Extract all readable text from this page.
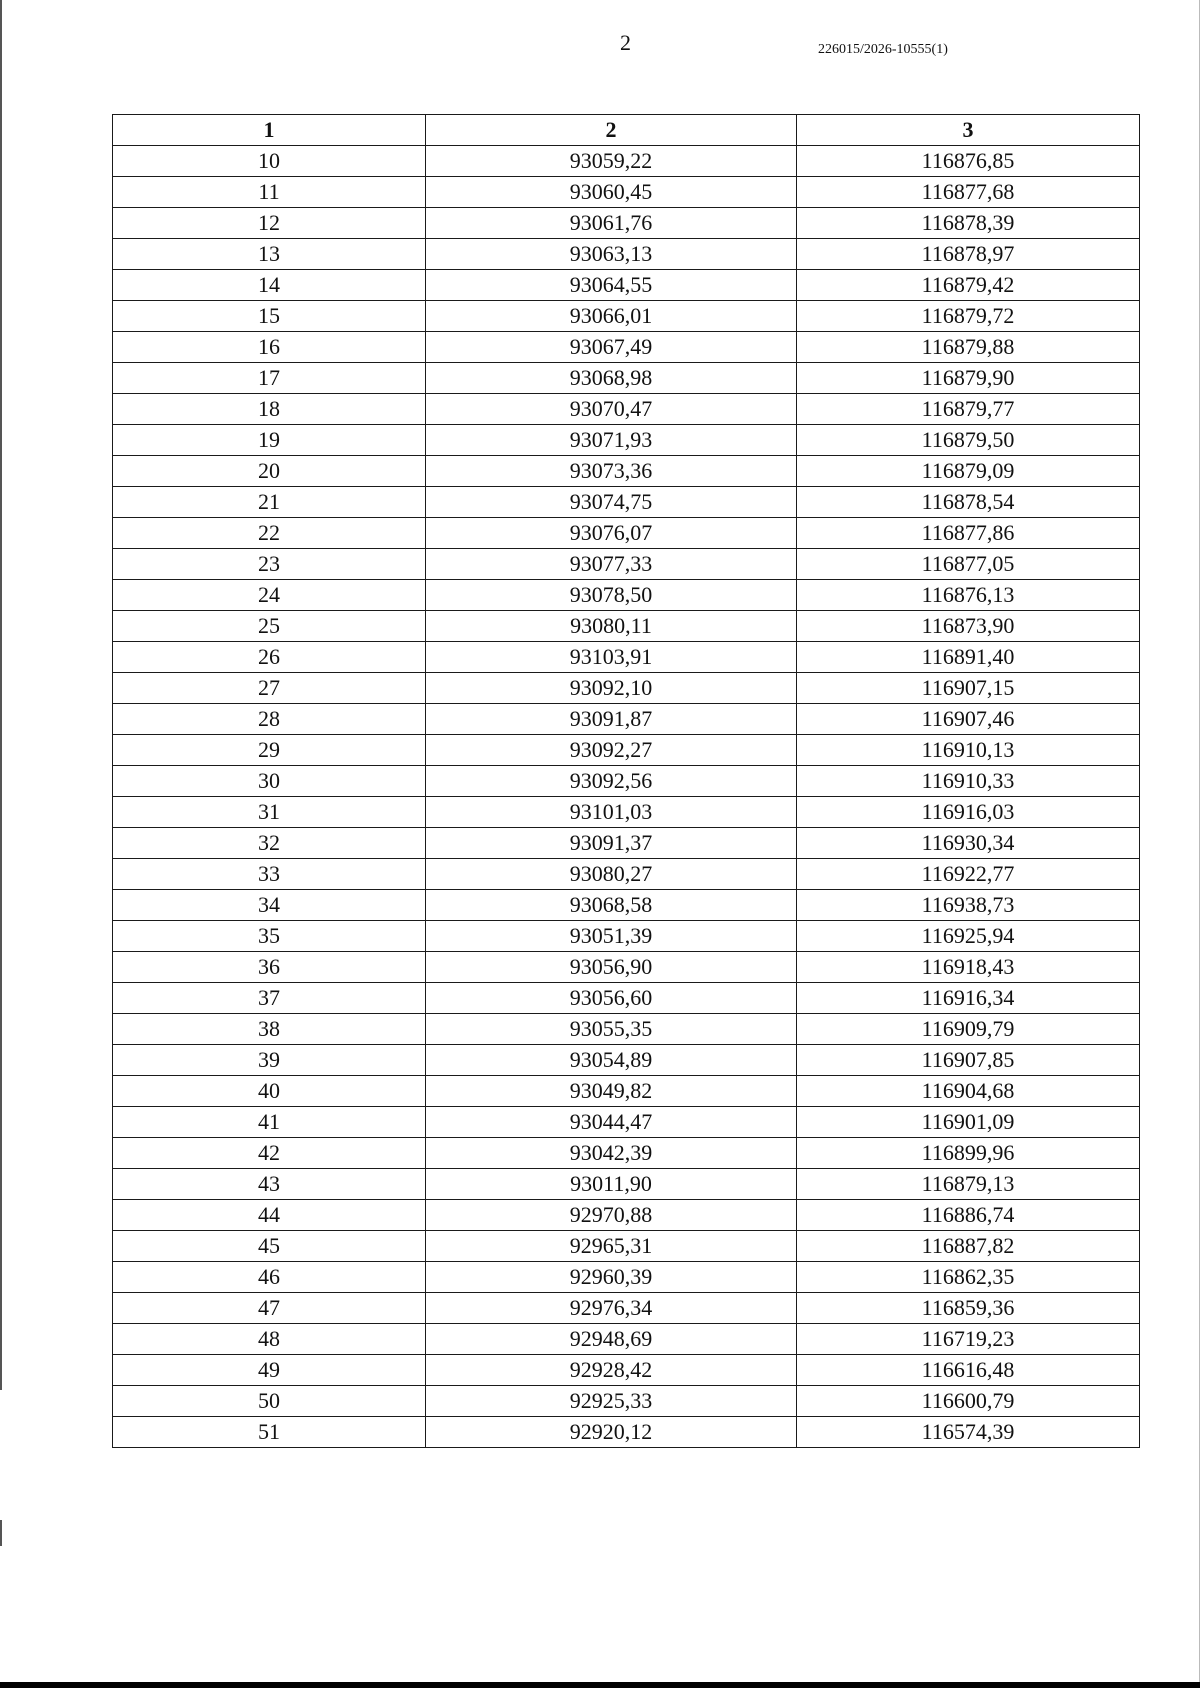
2	226015/2026-10555(1)
1	2	3
10	93059,22	116876,85
11	93060,45	116877,68
12	93061,76	116878,39
13	93063,13	116878,97
14	93064,55	116879,42
15	93066,01	116879,72
16	93067,49	116879,88
17	93068,98	116879,90
18	93070,47	116879,77
19	93071,93	116879,50
20	93073,36	116879,09
21	93074,75	116878,54
22	93076,07	116877,86
23	93077,33	116877,05
24	93078,50	116876,13
25	93080,11	116873,90
26	93103,91	116891,40
27	93092,10	116907,15
28	93091,87	116907,46
29	93092,27	116910,13
30	93092,56	116910,33
31	93101,03	116916,03
32	93091,37	116930,34
33	93080,27	116922,77
34	93068,58	116938,73
35	93051,39	116925,94
36	93056,90	116918,43
37	93056,60	116916,34
38	93055,35	116909,79
39	93054,89	116907,85
40	93049,82	116904,68
41	93044,47	116901,09
42	93042,39	116899,96
43	93011,90	116879,13
44	92970,88	116886,74
45	92965,31	116887,82
46	92960,39	116862,35
47	92976,34	116859,36
48	92948,69	116719,23
49	92928,42	116616,48
50	92925,33	116600,79
51	92920,12	116574,39
